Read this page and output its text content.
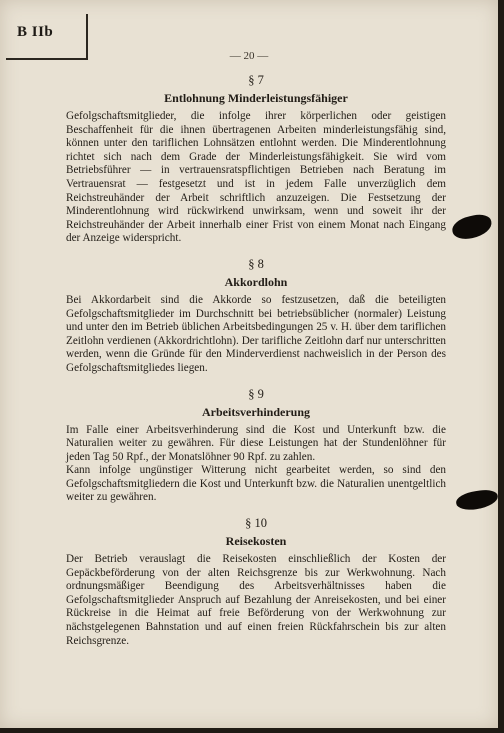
B IIb
— 20 —

§ 7

Entlohnung Minderleistungsfähiger

Gefolgschaftsmitglieder, die infolge ihrer körperlichen oder geistigen Beschaffenheit für die ihnen übertragenen Arbeiten minderleistungsfähig sind, können unter den tariflichen Lohnsätzen entlohnt werden. Die Minderentlohnung richtet sich nach dem Grade der Minderleistungsfähigkeit. Sie wird vom Betriebsführer — in vertrauensratspflichtigen Betrieben nach Beratung im Vertrauensrat — festgesetzt und ist in jedem Falle unverzüglich dem Reichstreuhänder der Arbeit schriftlich anzuzeigen. Die Festsetzung der Minderentlohnung wird rückwirkend unwirksam, wenn und soweit ihr der Reichstreuhänder der Arbeit innerhalb einer Frist von einem Monat nach Eingang der Anzeige widerspricht.

§ 8

Akkordlohn

Bei Akkordarbeit sind die Akkorde so festzusetzen, daß die beteiligten Gefolgschaftsmitglieder im Durchschnitt bei betriebsüblicher (normaler) Leistung und unter den im Betrieb üblichen Arbeitsbedingungen 25 v. H. über dem tariflichen Zeitlohn verdienen (Akkordrichtlohn). Der tarifliche Zeitlohn darf nur unterschritten werden, wenn die Gründe für den Minderverdienst nachweislich in der Person des Gefolgschaftsmitgliedes liegen.

§ 9

Arbeitsverhinderung

Im Falle einer Arbeitsverhinderung sind die Kost und Unterkunft bzw. die Naturalien weiter zu gewähren. Für diese Leistungen hat der Stundenlöhner für jeden Tag 50 Rpf., der Monatslöhner 90 Rpf. zu zahlen.

Kann infolge ungünstiger Witterung nicht gearbeitet werden, so sind den Gefolgschaftsmitgliedern die Kost und Unterkunft bzw. die Naturalien unentgeltlich weiter zu gewähren.

§ 10

Reisekosten

Der Betrieb verauslagt die Reisekosten einschließlich der Kosten der Gepäckbeförderung von der alten Reichsgrenze bis zur Werkwohnung. Nach ordnungsmäßiger Beendigung des Arbeitsverhältnisses haben die Gefolgschaftsmitglieder Anspruch auf Bezahlung der Anreisekosten, und bei einer Rückreise in die Heimat auf freie Beförderung von der Werkwohnung zur nächstgelegenen Bahnstation und auf einen freien Rückfahrschein bis zur alten Reichsgrenze.
